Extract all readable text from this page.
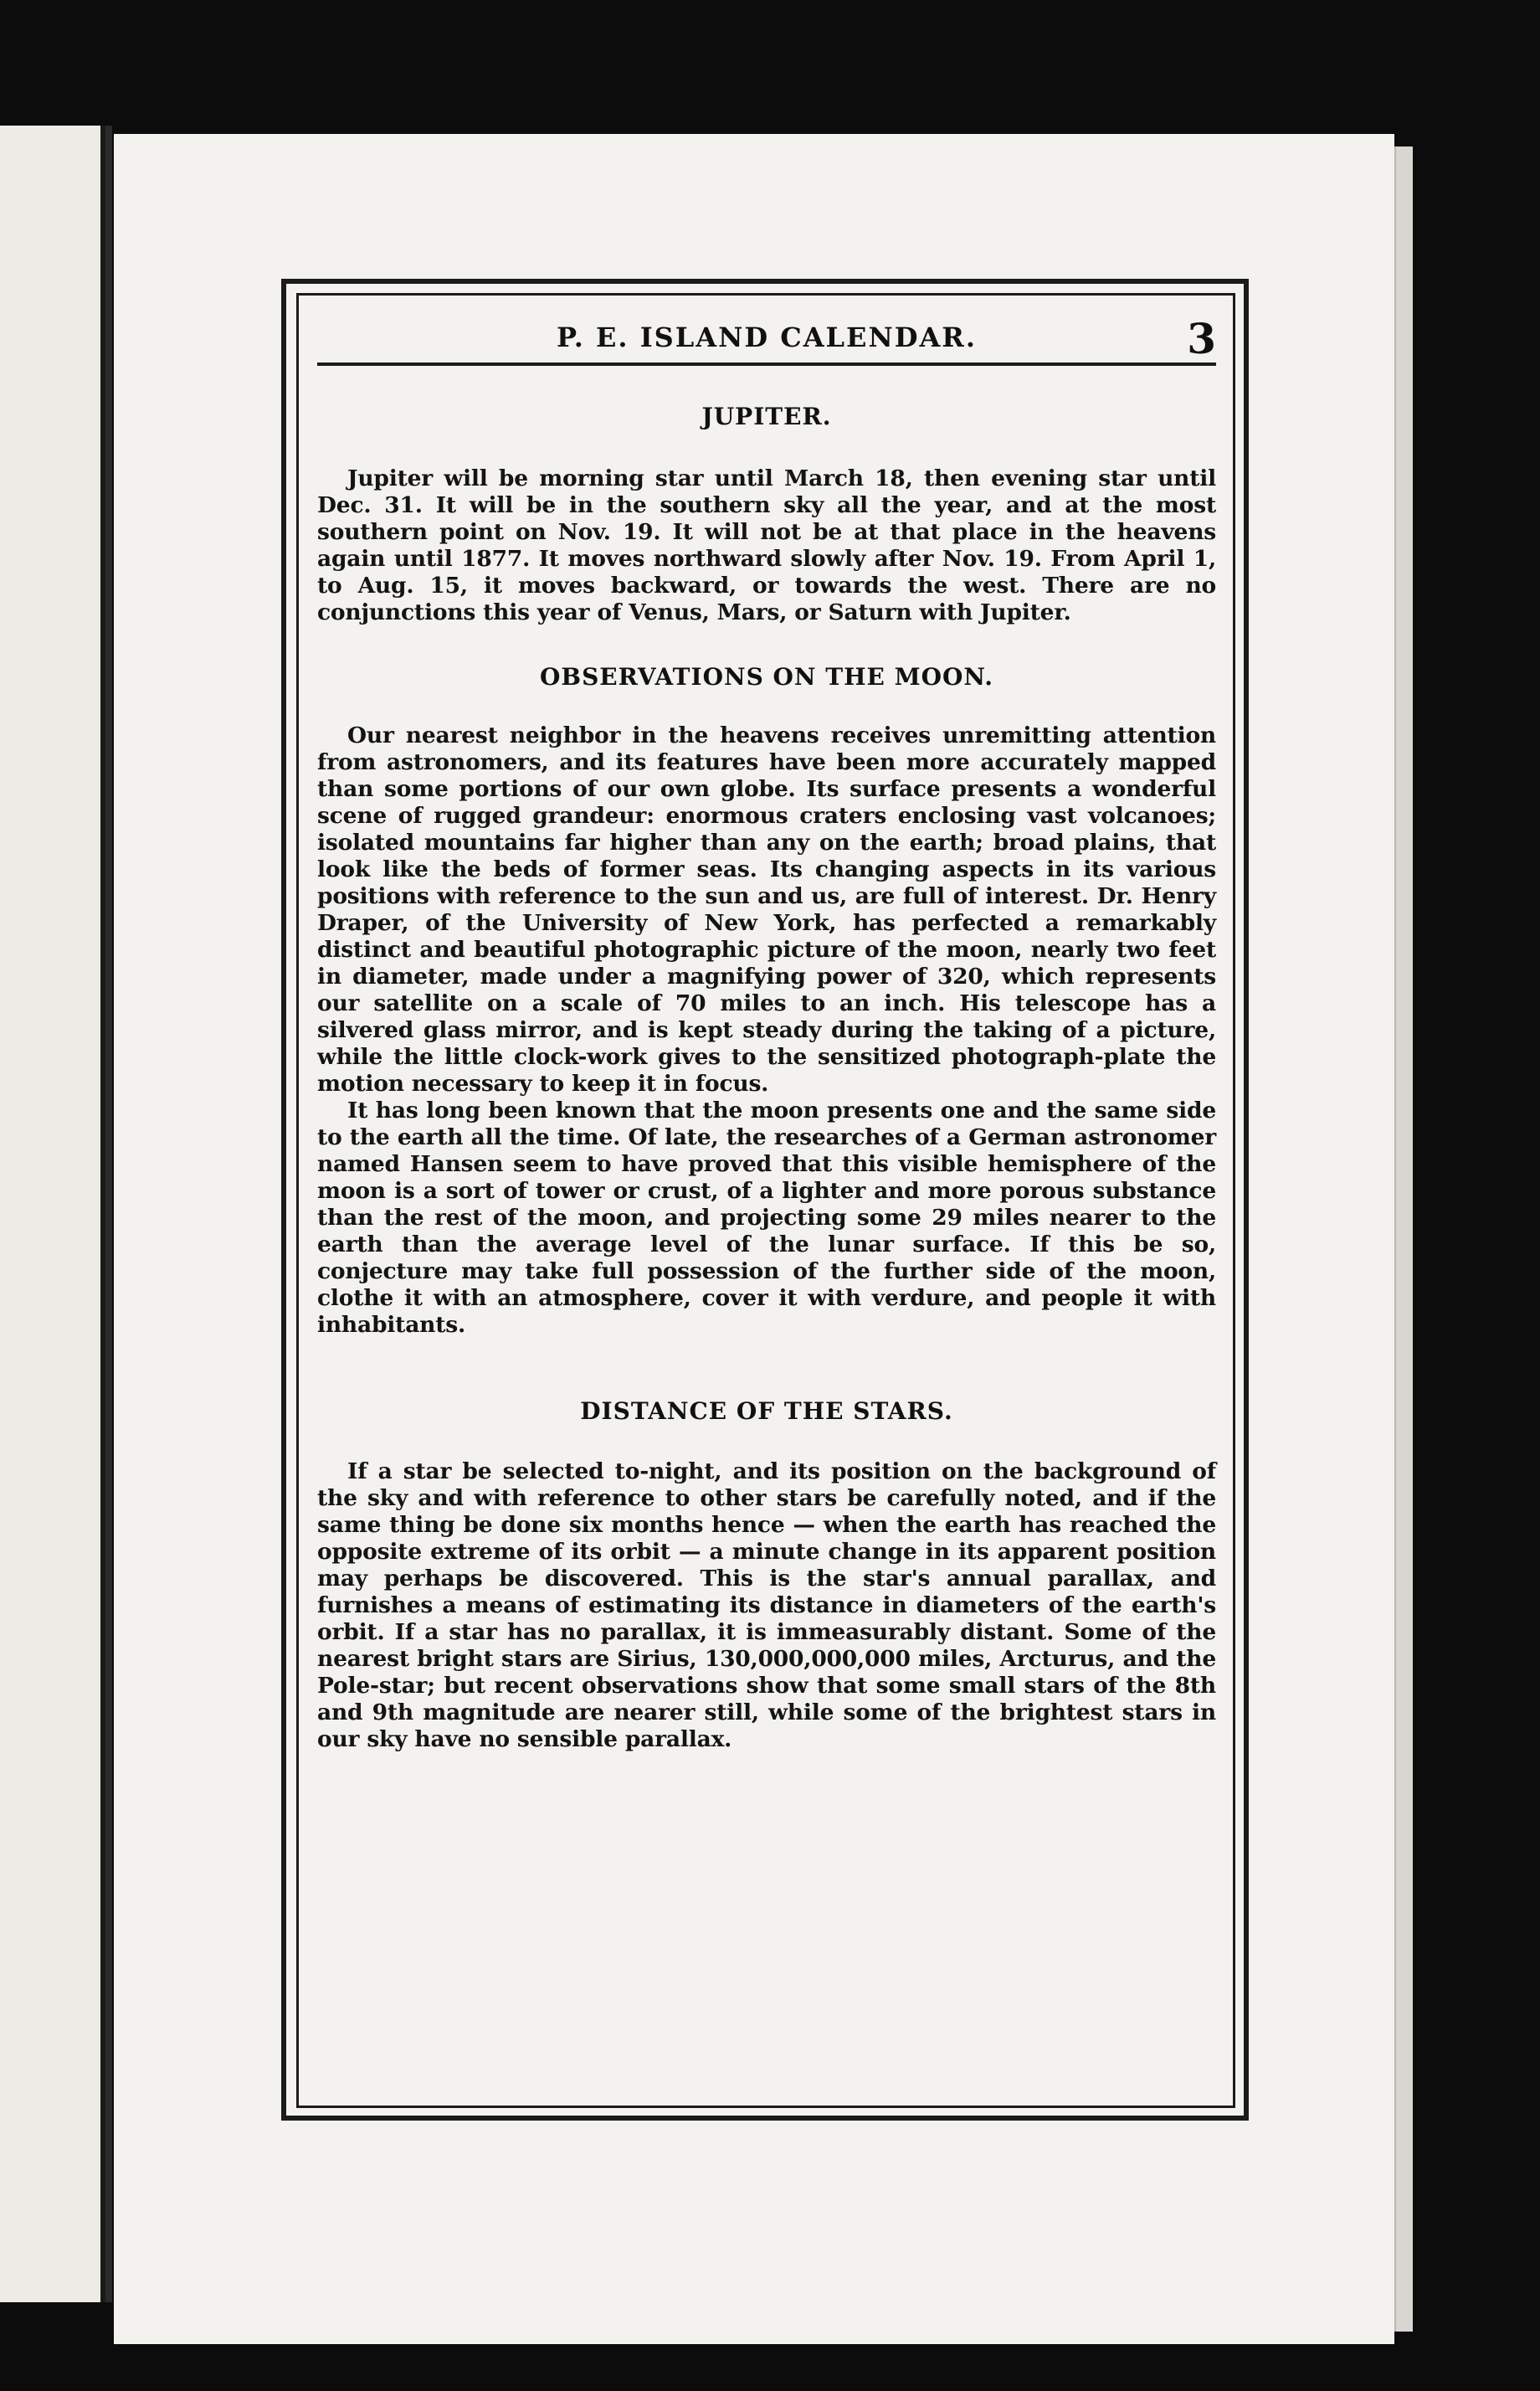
P. E. ISLAND CALENDAR.	3
JUPITER.

Jupiter will be morning star until March 18, then evening star until Dec. 31. It will be in the southern sky all the year, and at the most southern point on Nov. 19. It will not be at that place in the heavens again until 1877. It moves northward slowly after Nov. 19. From April 1, to Aug. 15, it moves backward, or towards the west. There are no conjunctions this year of Venus, Mars, or Saturn with Jupiter.

OBSERVATIONS ON THE MOON.

Our nearest neighbor in the heavens receives unremitting attention from astronomers, and its features have been more accurately mapped than some portions of our own globe. Its surface presents a wonderful scene of rugged grandeur: enormous craters enclosing vast volcanoes; isolated mountains far higher than any on the earth; broad plains, that look like the beds of former seas. Its changing aspects in its various positions with reference to the sun and us, are full of interest. Dr. Henry Draper, of the University of New York, has perfected a remarkably distinct and beautiful photographic picture of the moon, nearly two feet in diameter, made under a magnifying power of 320, which represents our satellite on a scale of 70 miles to an inch. His telescope has a silvered glass mirror, and is kept steady during the taking of a picture, while the little clock-work gives to the sensitized photograph-plate the motion necessary to keep it in focus.

It has long been known that the moon presents one and the same side to the earth all the time. Of late, the researches of a German astronomer named Hansen seem to have proved that this visible hemisphere of the moon is a sort of tower or crust, of a lighter and more porous substance than the rest of the moon, and projecting some 29 miles nearer to the earth than the average level of the lunar surface. If this be so, conjecture may take full possession of the further side of the moon, clothe it with an atmosphere, cover it with verdure, and people it with inhabitants.

DISTANCE OF THE STARS.

If a star be selected to-night, and its position on the background of the sky and with reference to other stars be carefully noted, and if the same thing be done six months hence — when the earth has reached the opposite extreme of its orbit — a minute change in its apparent position may perhaps be discovered. This is the star's annual parallax, and furnishes a means of estimating its distance in diameters of the earth's orbit. If a star has no parallax, it is immeasurably distant. Some of the nearest bright stars are Sirius, 130,000,000,000 miles, Arcturus, and the Pole-star; but recent observations show that some small stars of the 8th and 9th magnitude are nearer still, while some of the brightest stars in our sky have no sensible parallax.
